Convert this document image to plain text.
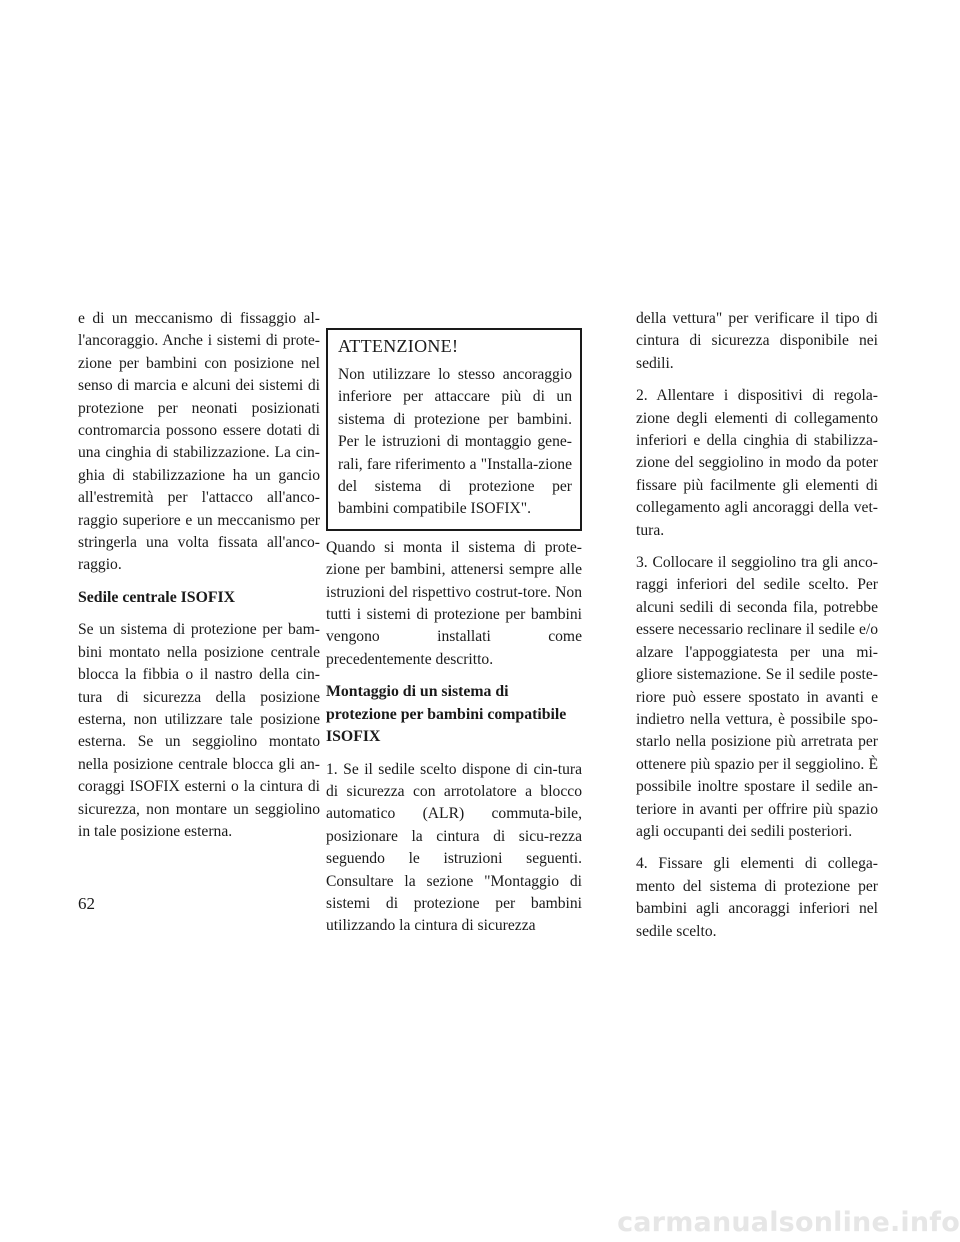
e di un meccanismo di fissaggio al-l'ancoraggio. Anche i sistemi di prote-zione per bambini con posizione nel senso di marcia e alcuni dei sistemi di protezione per neonati posizionati contromarcia possono essere dotati di una cinghia di stabilizzazione. La cin-ghia di stabilizzazione ha un gancio all'estremità per l'attacco all'anco-raggio superiore e un meccanismo per stringerla una volta fissata all'anco-raggio.

Sedile centrale ISOFIX

Se un sistema di protezione per bam-bini montato nella posizione centrale blocca la fibbia o il nastro della cin-tura di sicurezza della posizione esterna, non utilizzare tale posizione esterna. Se un seggiolino montato nella posizione centrale blocca gli an-coraggi ISOFIX esterni o la cintura di sicurezza, non montare un seggiolino in tale posizione esterna.

ATTENZIONE!

Non utilizzare lo stesso ancoraggio inferiore per attaccare più di un sistema di protezione per bambini. Per le istruzioni di montaggio gene-rali, fare riferimento a "Installa-zione del sistema di protezione per bambini compatibile ISOFIX".

Quando si monta il sistema di prote-zione per bambini, attenersi sempre alle istruzioni del rispettivo costrut-tore. Non tutti i sistemi di protezione per bambini vengono installati come precedentemente descritto.

Montaggio di un sistema di protezione per bambini compatibile ISOFIX

1. Se il sedile scelto dispone di cin-tura di sicurezza con arrotolatore a blocco automatico (ALR) commuta-bile, posizionare la cintura di sicu-rezza seguendo le istruzioni seguenti. Consultare la sezione "Montaggio di sistemi di protezione per bambini utilizzando la cintura di sicurezza

della vettura" per verificare il tipo di cintura di sicurezza disponibile nei sedili.

2. Allentare i dispositivi di regola-zione degli elementi di collegamento inferiori e della cinghia di stabilizza-zione del seggiolino in modo da poter fissare più facilmente gli elementi di collegamento agli ancoraggi della vet-tura.

3. Collocare il seggiolino tra gli anco-raggi inferiori del sedile scelto. Per alcuni sedili di seconda fila, potrebbe essere necessario reclinare il sedile e/o alzare l'appoggiatesta per una mi-gliore sistemazione. Se il sedile poste-riore può essere spostato in avanti e indietro nella vettura, è possibile spo-starlo nella posizione più arretrata per ottenere più spazio per il seggiolino. È possibile inoltre spostare il sedile an-teriore in avanti per offrire più spazio agli occupanti dei sedili posteriori.

4. Fissare gli elementi di collega-mento del sistema di protezione per bambini agli ancoraggi inferiori nel sedile scelto.

62
carmanualsonline.info
